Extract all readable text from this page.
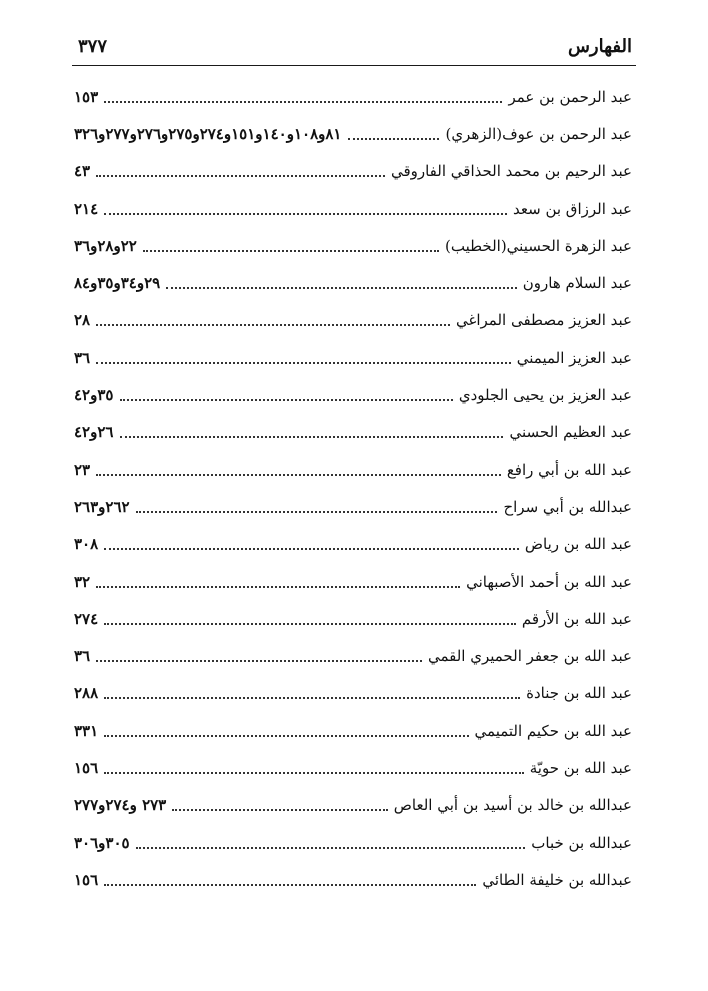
الفهارس
٣٧٧
عبد الرحمن بن عمر
١٥٣
عبد الرحمن بن عوف(الزهري)
٨١و١٠٨و١٤٠و١٥١و٢٧٤و٢٧٥و٢٧٦و٢٧٧و٣٢٦
عبد الرحيم بن محمد الحذاقي الفاروقي
٤٣
عبد الرزاق بن سعد
٢١٤
عبد الزهرة الحسيني(الخطيب)
٢٢و٢٨و٣٦
عبد السلام هارون
٢٩و٣٤و٣٥و٨٤
عبد العزيز مصطفى المراغي
٢٨
عبد العزيز الميمني
٣٦
عبد العزيز بن يحيى الجلودي
٣٥و٤٢
عبد العظيم الحسني
٢٦و٤٢
عبد الله بن أبي رافع
٢٣
عبدالله بن أبي سراح
٢٦٢و٢٦٣
عبد الله بن رياض
٣٠٨
عبد الله بن أحمد الأصبهاني
٣٢
عبد الله بن الأرقم
٢٧٤
عبد الله بن جعفر الحميري القمي
٣٦
عبد الله بن جنادة
٢٨٨
عبد الله بن حكيم التميمي
٣٣١
عبد الله بن حويّة
١٥٦
عبدالله بن خالد بن أسيد بن أبي العاص
٢٧٣ و٢٧٤و٢٧٧
عبدالله بن خباب
٣٠٥و٣٠٦
عبدالله بن خليفة الطائي
١٥٦
